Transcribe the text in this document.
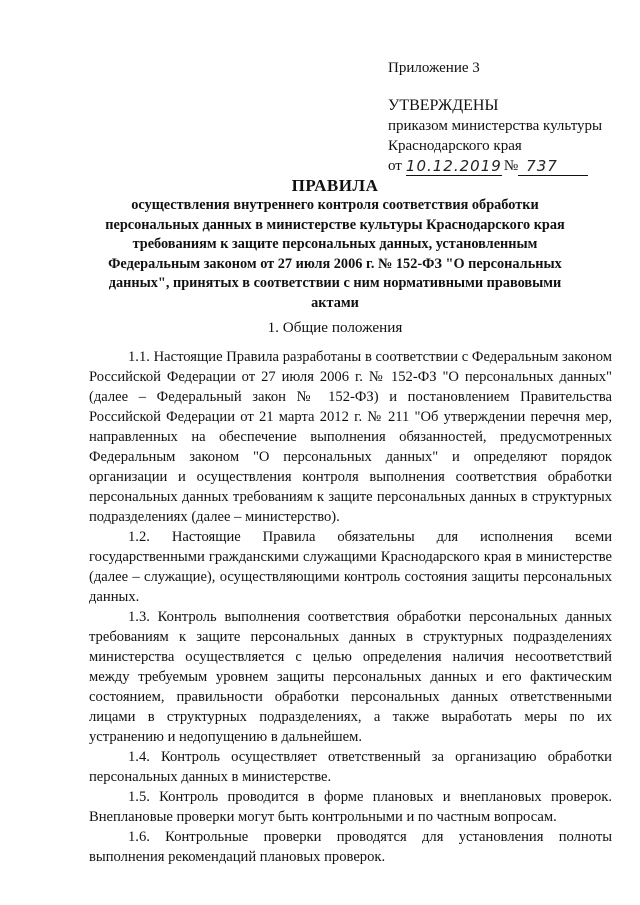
Приложение 3
УТВЕРЖДЕНЫ
приказом министерства культуры
Краснодарского края
от 10.12.2019 № 737
ПРАВИЛА
осуществления внутреннего контроля соответствия обработки персональных данных в министерстве культуры Краснодарского края требованиям к защите персональных данных, установленным Федеральным законом от 27 июля 2006 г. № 152-ФЗ "О персональных данных", принятых в соответствии с ним нормативными правовыми актами
1. Общие положения

1.1. Настоящие Правила разработаны в соответствии с Федеральным законом Российской Федерации от 27 июля 2006 г. № 152-ФЗ "О персональных данных" (далее – Федеральный закон № 152-ФЗ) и постановлением Правительства Российской Федерации от 21 марта 2012 г. № 211 "Об утверждении перечня мер, направленных на обеспечение выполнения обязанностей, предусмотренных Федеральным законом "О персональных данных" и определяют порядок организации и осуществления контроля выполнения соответствия обработки персональных данных требованиям к защите персональных данных в структурных подразделениях (далее – министерство).

1.2. Настоящие Правила обязательны для исполнения всеми государственными гражданскими служащими Краснодарского края в министерстве (далее – служащие), осуществляющими контроль состояния защиты персональных данных.

1.3. Контроль выполнения соответствия обработки персональных данных требованиям к защите персональных данных в структурных подразделениях министерства осуществляется с целью определения наличия несоответствий между требуемым уровнем защиты персональных данных и его фактическим состоянием, правильности обработки персональных данных ответственными лицами в структурных подразделениях, а также выработать меры по их устранению и недопущению в дальнейшем.

1.4. Контроль осуществляет ответственный за организацию обработки персональных данных в министерстве.

1.5. Контроль проводится в форме плановых и внеплановых проверок. Внеплановые проверки могут быть контрольными и по частным вопросам.

1.6. Контрольные проверки проводятся для установления полноты выполнения рекомендаций плановых проверок.
